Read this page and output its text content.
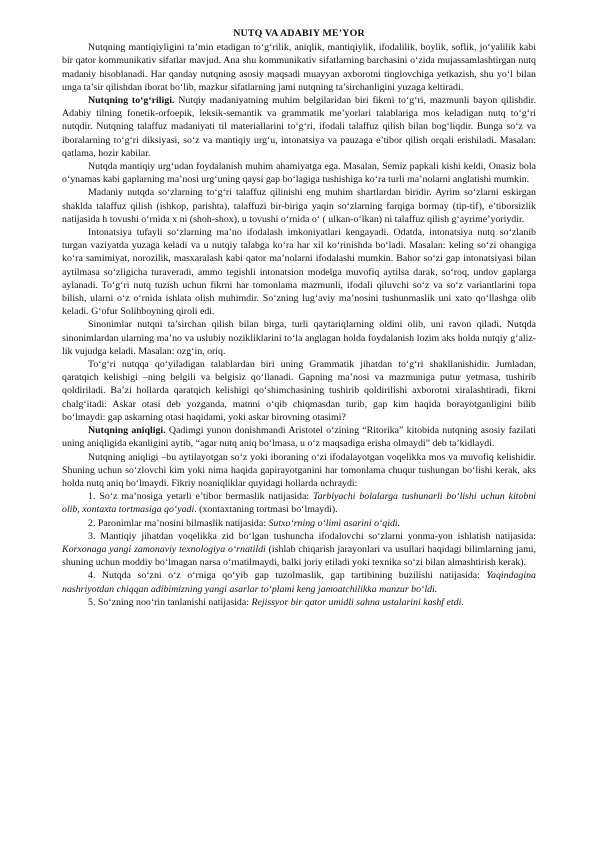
NUTQ VA ADABIY ME’YOR

Nutqning mantiqiyligini ta’min etadigan to‘g‘rilik, aniqlik, mantiqiylik, ifodalilik, boylik, soflik, jo‘yalilik kabi bir qator kommunikativ sifatlar mavjud. Ana shu kommunikativ sifatlarning barchasini o‘zida mujassamlashtirgan nutq madaniy hisoblanadi. Har qanday nutqning asosiy maqsadi muayyan axborotni tinglovchiga yetkazish, shu yo‘l bilan unga ta’sir qilishdan iborat bo‘lib, mazkur sifatlarning jami nutqning ta’sirchanligini yuzaga keltiradi.

Nutqning to‘g‘riligi. Nutqiy madaniyatning muhim belgilaridan biri fikrni to‘g‘ri, mazmunli bayon qilishdir. Adabiy tilning fonetik-orfoepik, leksik-semantik va grammatik me’yorlari talablariga mos keladigan nutq to‘g‘ri nutqdir. Nutqning talaffuz madaniyati til materiallarini to‘g‘ri, ifodali talaffuz qilish bilan bog‘liqdir. Bunga so‘z va iboralarning to‘g‘ri diksiyasi, so‘z va mantiqiy urg‘u, intonatsiya va pauzaga e’tibor qilish orqali erishiladi. Masalan: qatlama, hozir kabilar.

Nutqda mantiqiy urg‘udan foydalanish muhim ahamiyatga ega. Masalan, Semiz papkali kishi keldi, Onasiz bola o‘ynamas kabi gaplarning ma’nosi urg‘uning qaysi gap bo‘lagiga tushishiga ko‘ra turli ma’nolarni anglatishi mumkin.

Madaniy nutqda so‘zlarning to‘g‘ri talaffuz qilinishi eng muhim shartlardan biridir. Ayrim so‘zlarni eskirgan shaklda talaffuz qilish (ishkop, parishta), talaffuzi bir-biriga yaqin so‘zlarning farqiga bormay (tip-tif), e’tiborsizlik natijasida h tovushi o‘rnida x ni (shoh-shox), u tovushi o‘rnida o‘ ( ulkan-o‘lkan) ni talaffuz qilish g‘ayrime’yoriydir.

Intonatsiya tufayli so‘zlarning ma’no ifodalash imkoniyatlari kengayadi. Odatda, intonatsiya nutq so‘zlanib turgan vaziyatda yuzaga keladi va u nutqiy talabga ko‘ra har xil ko‘rinishda bo‘ladi. Masalan: keling so‘zi ohangiga ko‘ra samimiyat, norozilik, masxaralash kabi qator ma’nolarni ifodalashi mumkin. Bahor so‘zi gap intonatsiyasi bilan aytilmasa so‘zligicha turaveradi, ammo tegishli intonatsion modelga muvofiq aytilsa darak, so‘roq, undov gaplarga aylanadi. To‘g‘ri nutq tuzish uchun fikrni har tomonlama mazmunli, ifodali qiluvchi so‘z va so‘z variantlarini topa bilish, ularni o‘z o‘rnida ishlata olish muhimdir. So‘zning lug‘aviy ma’nosini tushunmaslik uni xato qo‘llashga olib keladi. G‘ofur Solihboyning qiroli edi.

Sinonimlar nutqni ta’sirchan qilish bilan birga, turli qaytariqlarning oldini olib, uni ravon qiladi. Nutqda sinonimlardan ularning ma’no va uslubiy nozikliklarini to‘la anglagan holda foydalanish lozim aks holda nutqiy g‘alizlik vujudga keladi. Masalan: ozg‘in, oriq.

To‘g‘ri nutqqa qo‘yiladigan talablardan biri uning Grammatik jihatdan to‘g‘ri shakllanishidir. Jumladan, qaratqich kelishigi –ning belgili va belgisiz qo‘llanadi. Gapning ma’nosi va mazmuniga putur yetmasa, tushirib qoldiriladi. Ba’zi hollarda qaratqich kelishigi qo‘shimchasining tushirib qoldirilishi axborotni xiralashtiradi, fikrni chalg‘itadi: Askar otasi deb yozganda, matnni o‘qib chiqmasdan turib, gap kim haqida borayotganligini bilib bo‘lmaydi: gap askarning otasi haqidami, yoki askar birovning otasimi?

Nutqning aniqligi. Qadimgi yunon donishmandi Aristotel o‘zining “Ritorika” kitobida nutqning asosiy fazilati uning aniqligida ekanligini aytib, “agar nutq aniq bo‘lmasa, u o‘z maqsadiga erisha olmaydi” deb ta’kidlaydi.

Nutqning aniqligi –bu aytilayotgan so‘z yoki iboraning o‘zi ifodalayotgan voqelikka mos va muvofiq kelishidir. Shuning uchun so‘zlovchi kim yoki nima haqida gapirayotganini har tomonlama chuqur tushungan bo‘lishi kerak, aks holda nutq aniq bo‘lmaydi. Fikriy noaniqliklar quyidagi hollarda uchraydi:

1. So‘z ma’nosiga yetarli e’tibor bermaslik natijasida: Tarbiyachi bolalarga tushunarli bo‘lishi uchun kitobni olib, xontaxta tortmasiga qo‘yadi. (xontaxtaning tortmasi bo‘lmaydi).

2. Paronimlar ma’nosini bilmaslik natijasida: Sutxo‘rning o‘limi asarini o‘qidi.

3. Mantiqiy jihatdan voqelikka zid bo‘lgan tushuncha ifodalovchi so‘zlarni yonma-yon ishlatish natijasida: Korxonaga yangi zamonaviy texnologiya o‘rnatildi (ishlab chiqarish jarayonlari va usullari haqidagi bilimlarning jami, shuning uchun moddiy bo‘lmagan narsa o‘rnatilmaydi, balki joriy etiladi yoki texnika so‘zi bilan almashtirish kerak).

4. Nutqda so‘zni o‘z o‘rniga qo‘yib gap tuzolmaslik, gap tartibining buzilishi natijasida: Yaqindagina nashriyotdan chiqqan adibimizning yangi asarlar to‘plami keng jamoatchilikka manzur bo‘ldi.

5. So‘zning noo‘rin tanlanishi natijasida: Rejissyor bir qator umidli sahna ustalarini kashf etdi.
